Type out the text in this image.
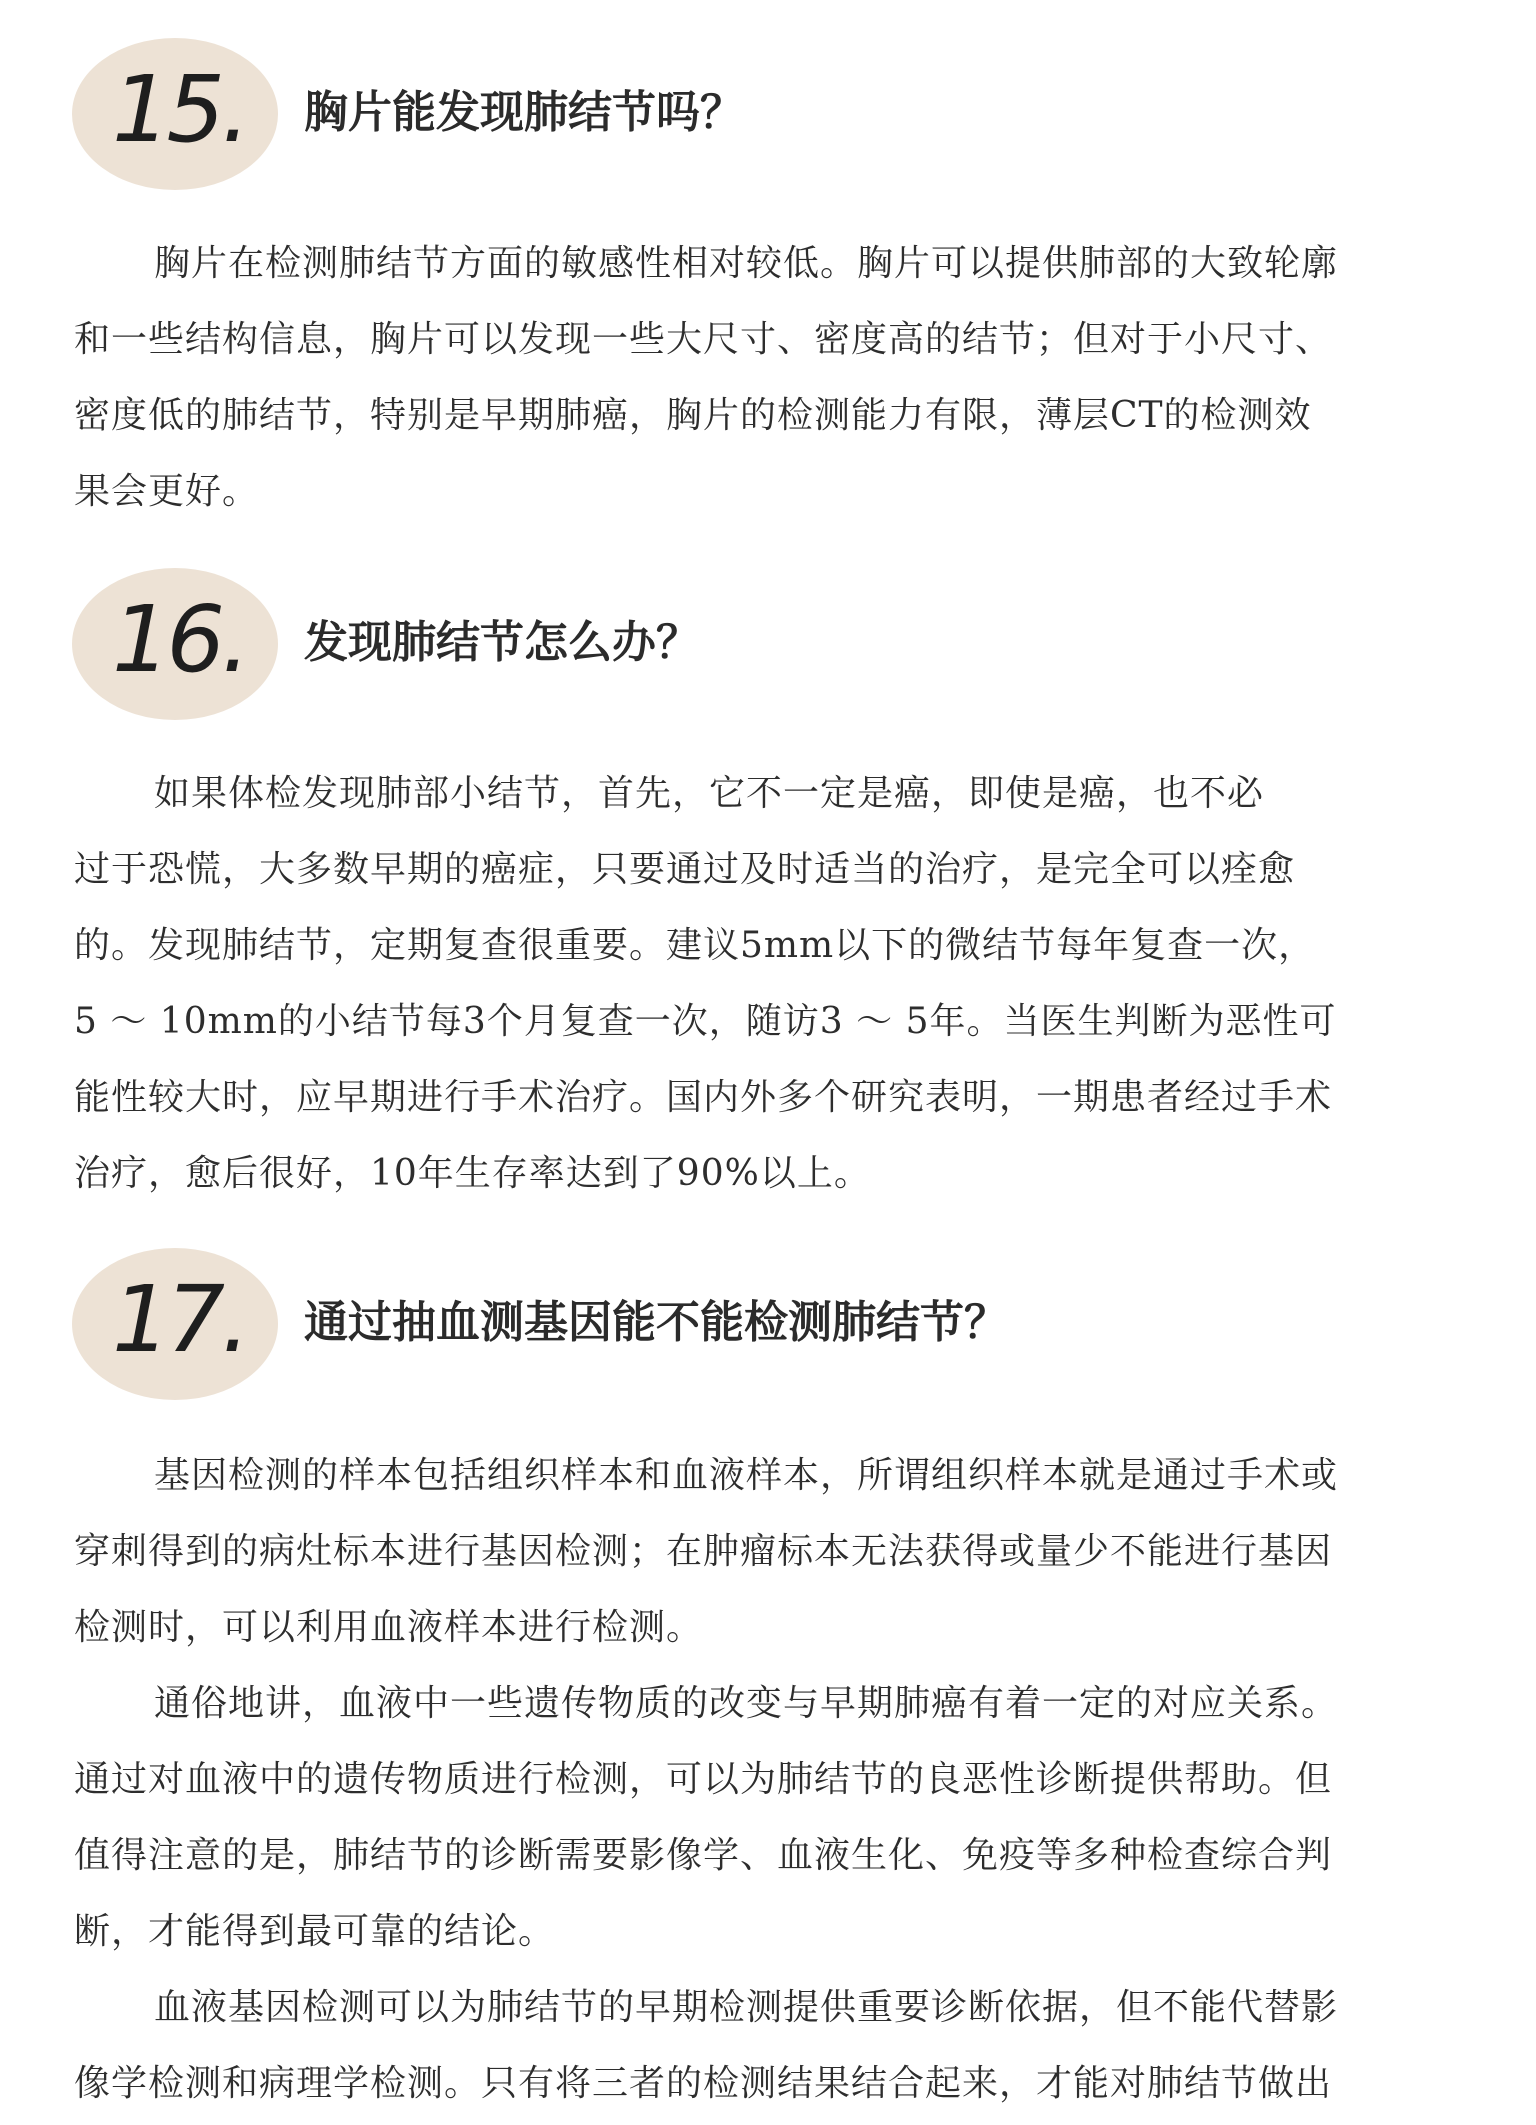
15. 胸片能发现肺结节吗？
胸片在检测肺结节方面的敏感性相对较低。胸片可以提供肺部的大致轮廓
和一些结构信息，胸片可以发现一些大尺寸、密度高的结节；但对于小尺寸、
密度低的肺结节，特别是早期肺癌，胸片的检测能力有限，薄层CT的检测效
果会更好。
16. 发现肺结节怎么办？
如果体检发现肺部小结节，首先，它不一定是癌，即使是癌，也不必
过于恐慌，大多数早期的癌症，只要通过及时适当的治疗，是完全可以痊愈
的。发现肺结节，定期复查很重要。建议5mm以下的微结节每年复查一次，
5 ～ 10mm的小结节每3个月复查一次，随访3 ～ 5年。当医生判断为恶性可
能性较大时，应早期进行手术治疗。国内外多个研究表明，一期患者经过手术
治疗，愈后很好，10年生存率达到了90%以上。
17. 通过抽血测基因能不能检测肺结节？
基因检测的样本包括组织样本和血液样本，所谓组织样本就是通过手术或
穿刺得到的病灶标本进行基因检测；在肿瘤标本无法获得或量少不能进行基因
检测时，可以利用血液样本进行检测。
通俗地讲，血液中一些遗传物质的改变与早期肺癌有着一定的对应关系。
通过对血液中的遗传物质进行检测，可以为肺结节的良恶性诊断提供帮助。但
值得注意的是，肺结节的诊断需要影像学、血液生化、免疫等多种检查综合判
断，才能得到最可靠的结论。
血液基因检测可以为肺结节的早期检测提供重要诊断依据，但不能代替影
像学检测和病理学检测。只有将三者的检测结果结合起来，才能对肺结节做出
